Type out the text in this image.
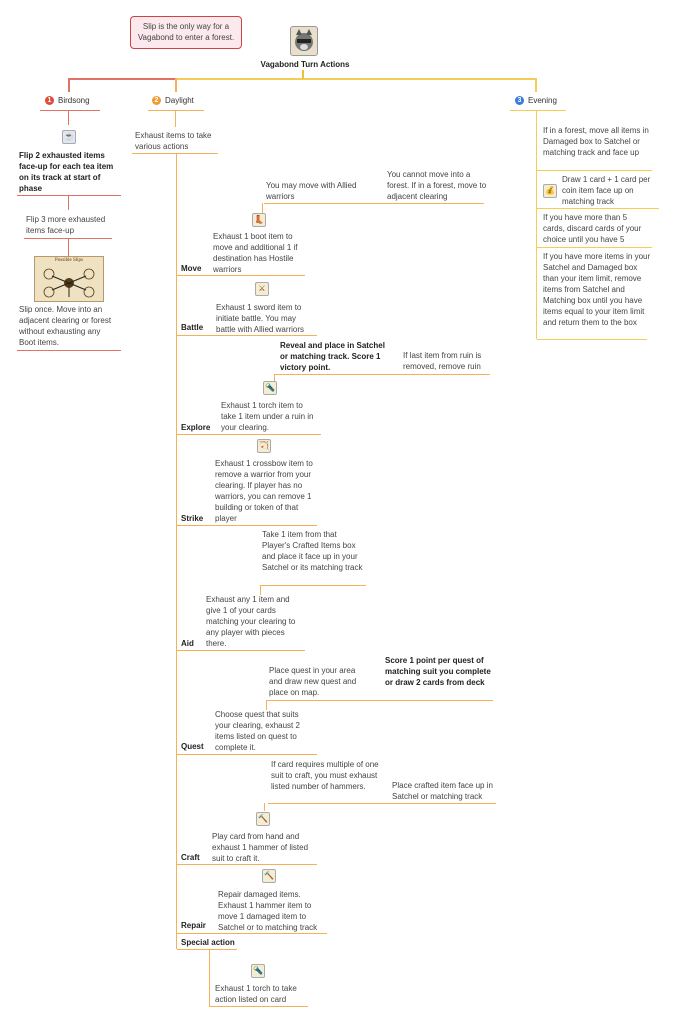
Slip is the only way for a Vagabond to enter a forest.
Vagabond Turn Actions
1 Birdsong	2 Daylight	3 Evening
☕
Flip 2 exhausted items face-up for each tea item on its track at start of phase
Flip 3 more exhausted items face-up
Possible Slips
Slip once. Move into an adjacent clearing or forest without exhausting any Boot items.
Exhaust items to take various actions
You may move with Allied warriors
You cannot move into a forest. If in a forest, move to adjacent clearing
👢
Exhaust 1 boot item to move and additional 1 if destination has Hostile warriors
Move
⚔
Exhaust 1 sword item to initiate battle. You may battle with Allied warriors
Battle
Reveal and place in Satchel or matching track. Score 1 victory point.
If last item from ruin is removed, remove ruin
🔦
Exhaust 1 torch item to take 1 item under a ruin in your clearing.
Explore
🏹
Exhaust 1 crossbow item to remove a warrior from your clearing. If player has no warriors, you can remove 1 building or token of that player
Strike
Take 1 item from that Player's Crafted Items box and place it face up in your Satchel or its matching track
Exhaust any 1 item and give 1 of your cards matching your clearing to any player with pieces there.
Aid
Place quest in your area and draw new quest and place on map.
Score 1 point per quest of matching suit you complete or draw 2 cards from deck
Choose quest that suits your clearing, exhaust 2 items listed on quest to complete it.
Quest
If card requires multiple of one suit to craft, you must exhaust listed number of hammers.	Place crafted item face up in Satchel or matching track
🔨
Play card from hand and exhaust 1 hammer of listed suit to craft it.
Craft
🔨
Repair damaged items. Exhaust 1 hammer item to move 1 damaged item to Satchel or to matching track
Repair
Special action
🔦
Exhaust 1 torch to take action listed on card
If in a forest, move all items in Damaged box to Satchel or matching track and face up
💰
Draw 1 card + 1 card per coin item face up on matching track
If you have more than 5 cards, discard cards of your choice until you have 5
If you have more items in your Satchel and Damaged box than your item limit, remove items from Satchel and Matching box until you have items equal to your item limit and return them to the box
